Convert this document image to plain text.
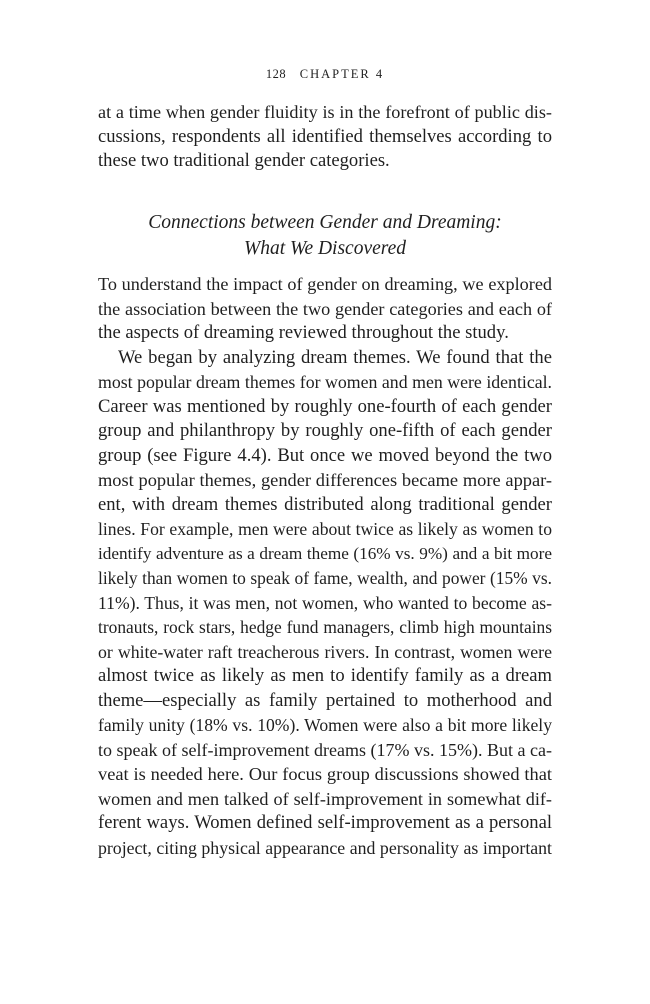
128 CHAPTER 4
at a time when gender fluidity is in the forefront of public dis-
cussions, respondents all identified themselves according to
these two traditional gender categories.
Connections between Gender and Dreaming:
What We Discovered
To understand the impact of gender on dreaming, we explored
the association between the two gender categories and each of
the aspects of dreaming reviewed throughout the study.
We began by analyzing dream themes. We found that the
most popular dream themes for women and men were identical.
Career was mentioned by roughly one-fourth of each gender
group and philanthropy by roughly one-fifth of each gender
group (see Figure 4.4). But once we moved beyond the two
most popular themes, gender differences became more appar-
ent, with dream themes distributed along traditional gender
lines. For example, men were about twice as likely as women to
identify adventure as a dream theme (16% vs. 9%) and a bit more
likely than women to speak of fame, wealth, and power (15% vs.
11%). Thus, it was men, not women, who wanted to become as-
tronauts, rock stars, hedge fund managers, climb high mountains
or white-water raft treacherous rivers. In contrast, women were
almost twice as likely as men to identify family as a dream
theme—especially as family pertained to motherhood and
family unity (18% vs. 10%). Women were also a bit more likely
to speak of self-improvement dreams (17% vs. 15%). But a ca-
veat is needed here. Our focus group discussions showed that
women and men talked of self-improvement in somewhat dif-
ferent ways. Women defined self-improvement as a personal
project, citing physical appearance and personality as important
